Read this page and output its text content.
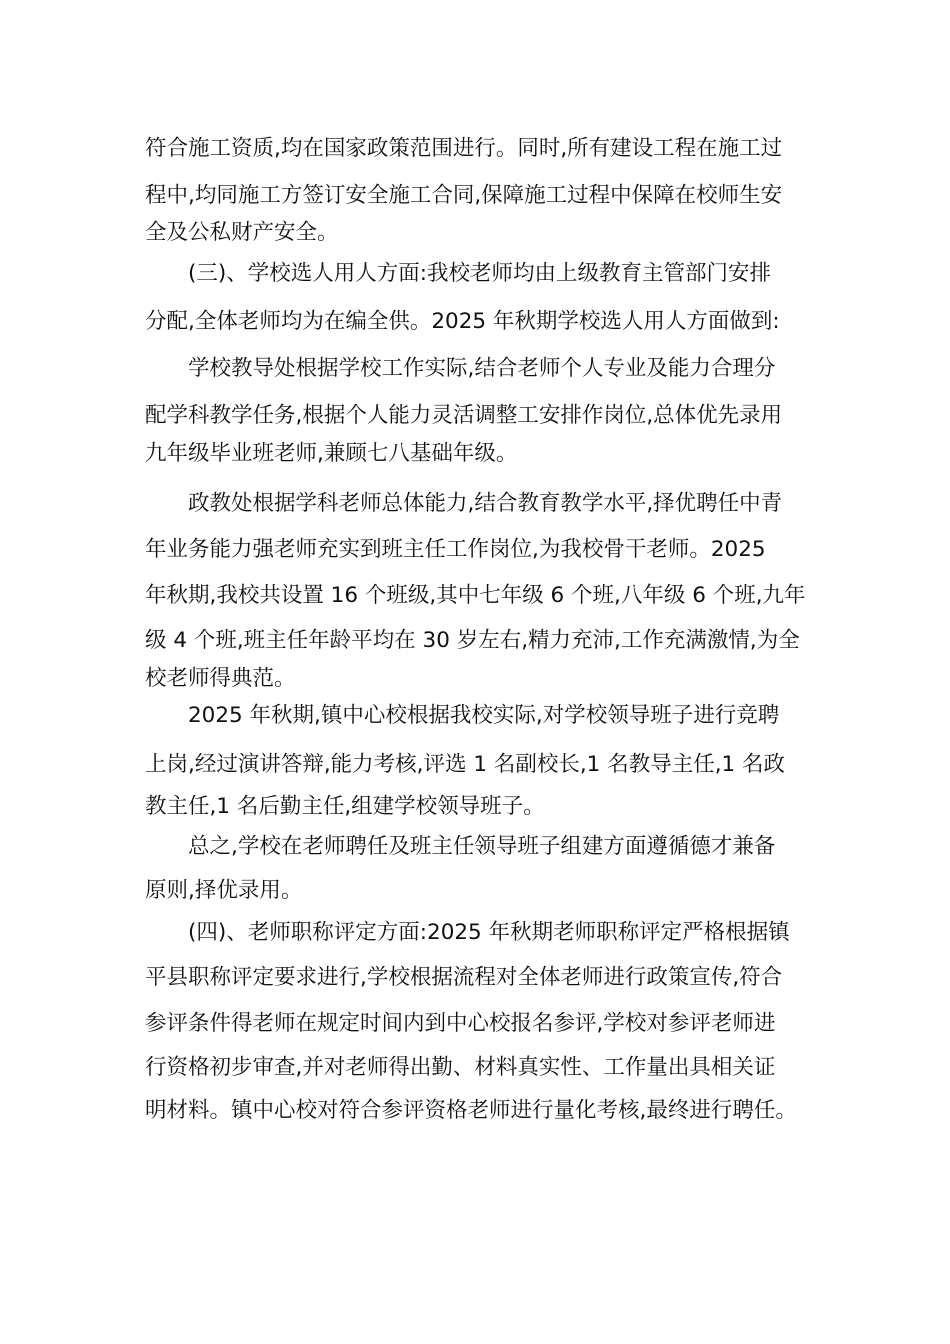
符合施工资质,均在国家政策范围进行。同时,所有建设工程在施工过
程中,均同施工方签订安全施工合同,保障施工过程中保障在校师生安
全及公私财产安全。
(三)、学校选人用人方面:我校老师均由上级教育主管部门安排
分配,全体老师均为在编全供。2025 年秋期学校选人用人方面做到:
学校教导处根据学校工作实际,结合老师个人专业及能力合理分
配学科教学任务,根据个人能力灵活调整工安排作岗位,总体优先录用
九年级毕业班老师,兼顾七八基础年级。
政教处根据学科老师总体能力,结合教育教学水平,择优聘任中青
年业务能力强老师充实到班主任工作岗位,为我校骨干老师。2025
年秋期,我校共设置 16 个班级,其中七年级 6 个班,八年级 6 个班,九年
级 4 个班,班主任年龄平均在 30 岁左右,精力充沛,工作充满激情,为全
校老师得典范。
2025 年秋期,镇中心校根据我校实际,对学校领导班子进行竞聘
上岗,经过演讲答辩,能力考核,评选 1 名副校长,1 名教导主任,1 名政
教主任,1 名后勤主任,组建学校领导班子。
总之,学校在老师聘任及班主任领导班子组建方面遵循德才兼备
原则,择优录用。
(四)、老师职称评定方面:2025 年秋期老师职称评定严格根据镇
平县职称评定要求进行,学校根据流程对全体老师进行政策宣传,符合
参评条件得老师在规定时间内到中心校报名参评,学校对参评老师进
行资格初步审查,并对老师得出勤、材料真实性、工作量出具相关证
明材料。镇中心校对符合参评资格老师进行量化考核,最终进行聘任。
